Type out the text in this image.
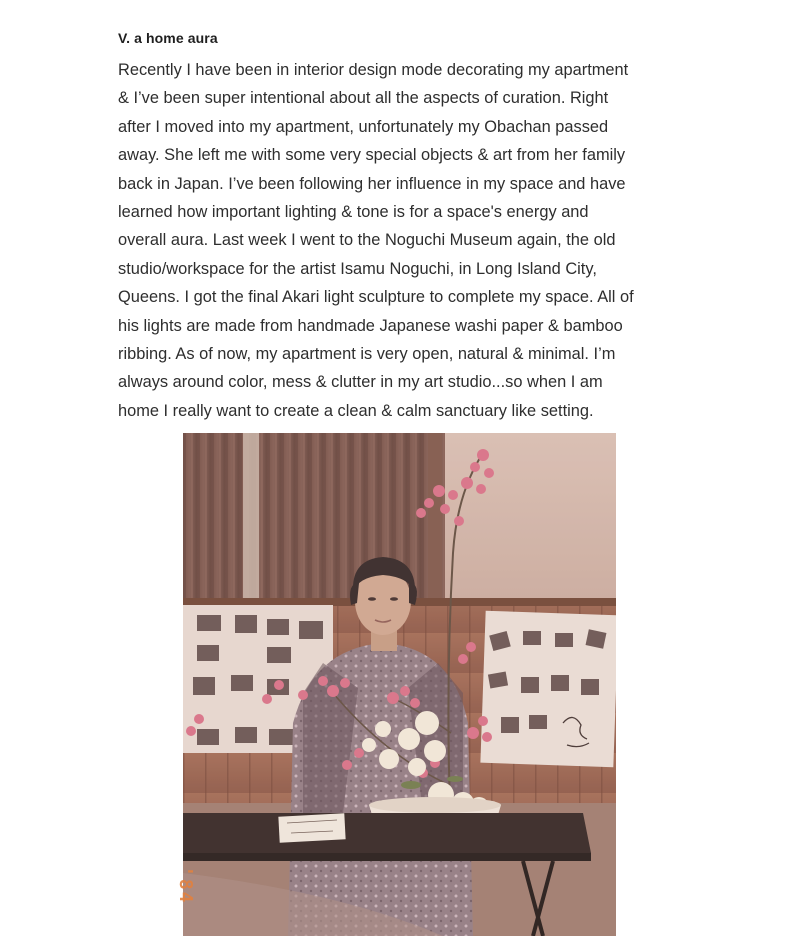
V. a home aura

Recently I have been in interior design mode decorating my apartment
& I’ve been super intentional about all the aspects of curation. Right
after I moved into my apartment, unfortunately my Obachan passed
away. She left me with some very special objects & art from her family
back in Japan. I’ve been following her influence in my space and have
learned how important lighting & tone is for a space's energy and
overall aura. Last week I went to the Noguchi Museum again, the old
studio/workspace for the artist Isamu Noguchi, in Long Island City,
Queens. I got the final Akari light sculpture to complete my space. All of
his lights are made from handmade Japanese washi paper & bamboo
ribbing. As of now, my apartment is very open, natural & minimal. I’m
always around color, mess & clutter in my art studio...so when I am
home I really want to create a clean & calm sanctuary like setting.

'84
